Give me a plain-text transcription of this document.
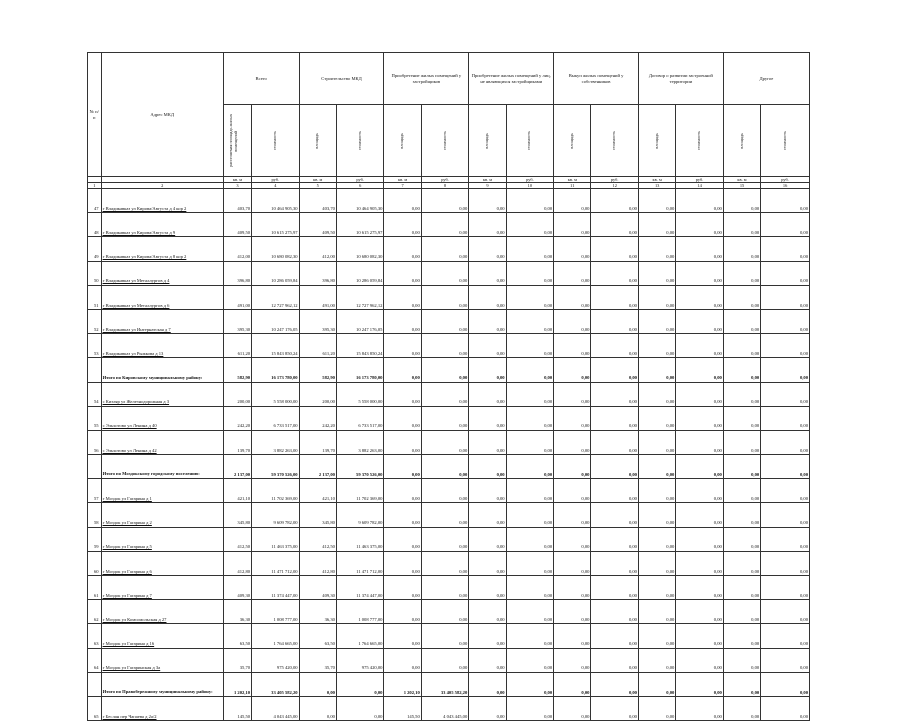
№ п/п	Адрес МКД	Всего		Строительство МКД		Приобретение жилых помещений у застройщиков		Приобретение жилых помещений у лиц, не являющихся застройщиками		Выкуп жилых помещений у собственников		Договор о развитии застроенной территории		Другое	

		расселяемая площадь жилых помещений	стоимость	площадь	стоимость	площадь	стоимость	площадь	стоимость	площадь	стоимость	площадь	стоимость	площадь	стоимость

		кв. м	руб.	кв. м	руб.	кв. м	руб.	кв. м	руб.	кв. м	руб.	кв. м	руб.	кв. м	руб.
1	2	3	4	5	6	7	8	9	10	11	12	13	14	15	16
47	г Владикавказ ул Кирова/Августа д 4 кор 2	403,70	10 464 905,30	403,70	10 464 905,30	0,00	0,00	0,00	0,00	0,00	0,00	0,00	0,00	0,00	0,00
48	г Владикавказ ул Кирова/Августа д 9	409,50	10 615 275,97	409,50	10 615 275,97	0,00	0,00	0,00	0,00	0,00	0,00	0,00	0,00	0,00	0,00
49	г Владикавказ ул Кирова/Августа д 8 кор 2	412,00	10 680 082,30	412,00	10 680 082,30	0,00	0,00	0,00	0,00	0,00	0,00	0,00	0,00	0,00	0,00
50	г Владикавказ ул Металлургов д 4	396,80	10 286 059,84	396,80	10 286 059,84	0,00	0,00	0,00	0,00	0,00	0,00	0,00	0,00	0,00	0,00
51	г Владикавказ ул Металлургов д 6	491,00	12 727 962,12	491,00	12 727 962,12	0,00	0,00	0,00	0,00	0,00	0,00	0,00	0,00	0,00	0,00
52	г Владикавказ ул Интернатская д 7	395,30	10 247 176,05	395,30	10 247 176,05	0,00	0,00	0,00	0,00	0,00	0,00	0,00	0,00	0,00	0,00
53	г Владикавказ ул Рыжкова д 13	611,20	15 843 850,24	611,20	15 843 850,24	0,00	0,00	0,00	0,00	0,00	0,00	0,00	0,00	0,00	0,00
	Итого по Кировскому муниципальному району:	582,90	16 173 780,00	582,90	16 173 780,00	0,00	0,00	0,00	0,00	0,00	0,00	0,00	0,00	0,00	0,00
54	с Кизляр ул Железнодорожная д 3	200,00	5 558 000,00	200,00	5 558 000,00	0,00	0,00	0,00	0,00	0,00	0,00	0,00	0,00	0,00	0,00
55	с Эльхотово ул Ленина д 40	242,20	6 733 517,00	242,20	6 733 517,00	0,00	0,00	0,00	0,00	0,00	0,00	0,00	0,00	0,00	0,00
56	с Эльхотово ул Ленина д 42	139,70	3 882 263,00	139,70	3 882 263,00	0,00	0,00	0,00	0,00	0,00	0,00	0,00	0,00	0,00	0,00
	Итого по Моздокскому городскому поселению:	2 137,00	59 370 526,00	2 137,00	59 370 526,00	0,00	0,00	0,00	0,00	0,00	0,00	0,00	0,00	0,00	0,00
57	г Моздок ул Гагарина д 1	421,10	11 702 369,00	421,10	11 702 369,00	0,00	0,00	0,00	0,00	0,00	0,00	0,00	0,00	0,00	0,00
58	г Моздок ул Гагарина д 2	345,80	9 609 782,00	345,80	9 609 782,00	0,00	0,00	0,00	0,00	0,00	0,00	0,00	0,00	0,00	0,00
59	г Моздок ул Гагарина д 5	412,50	11 463 375,00	412,50	11 463 375,00	0,00	0,00	0,00	0,00	0,00	0,00	0,00	0,00	0,00	0,00
60	г Моздок ул Гагарина д 6	412,80	11 471 712,00	412,80	11 471 712,00	0,00	0,00	0,00	0,00	0,00	0,00	0,00	0,00	0,00	0,00
61	г Моздок ул Гагарина д 7	409,30	11 374 447,00	409,30	11 374 447,00	0,00	0,00	0,00	0,00	0,00	0,00	0,00	0,00	0,00	0,00
62	г Моздок ул Комсомольская д 27	36,30	1 008 777,00	36,30	1 008 777,00	0,00	0,00	0,00	0,00	0,00	0,00	0,00	0,00	0,00	0,00
63	г Моздок ул Гагарина д 16	63,50	1 764 665,00	63,50	1 764 665,00	0,00	0,00	0,00	0,00	0,00	0,00	0,00	0,00	0,00	0,00
64	г Моздок ул Гагаринская д 3а	35,70	975 420,00	35,70	975 420,00	0,00	0,00	0,00	0,00	0,00	0,00	0,00	0,00	0,00	0,00
	Итого по Правобережному муниципальному району:	1 202,10	33 405 582,20	0,00	0,00	1 202,10	33 405 582,20	0,00	0,00	0,00	0,00	0,00	0,00	0,00	0,00
65	г Беслан пер Чапаева д 2а/2	145,50	4 043 445,00	0,00	0,00	145,50	4 043 445,00	0,00	0,00	0,00	0,00	0,00	0,00	0,00	0,00
